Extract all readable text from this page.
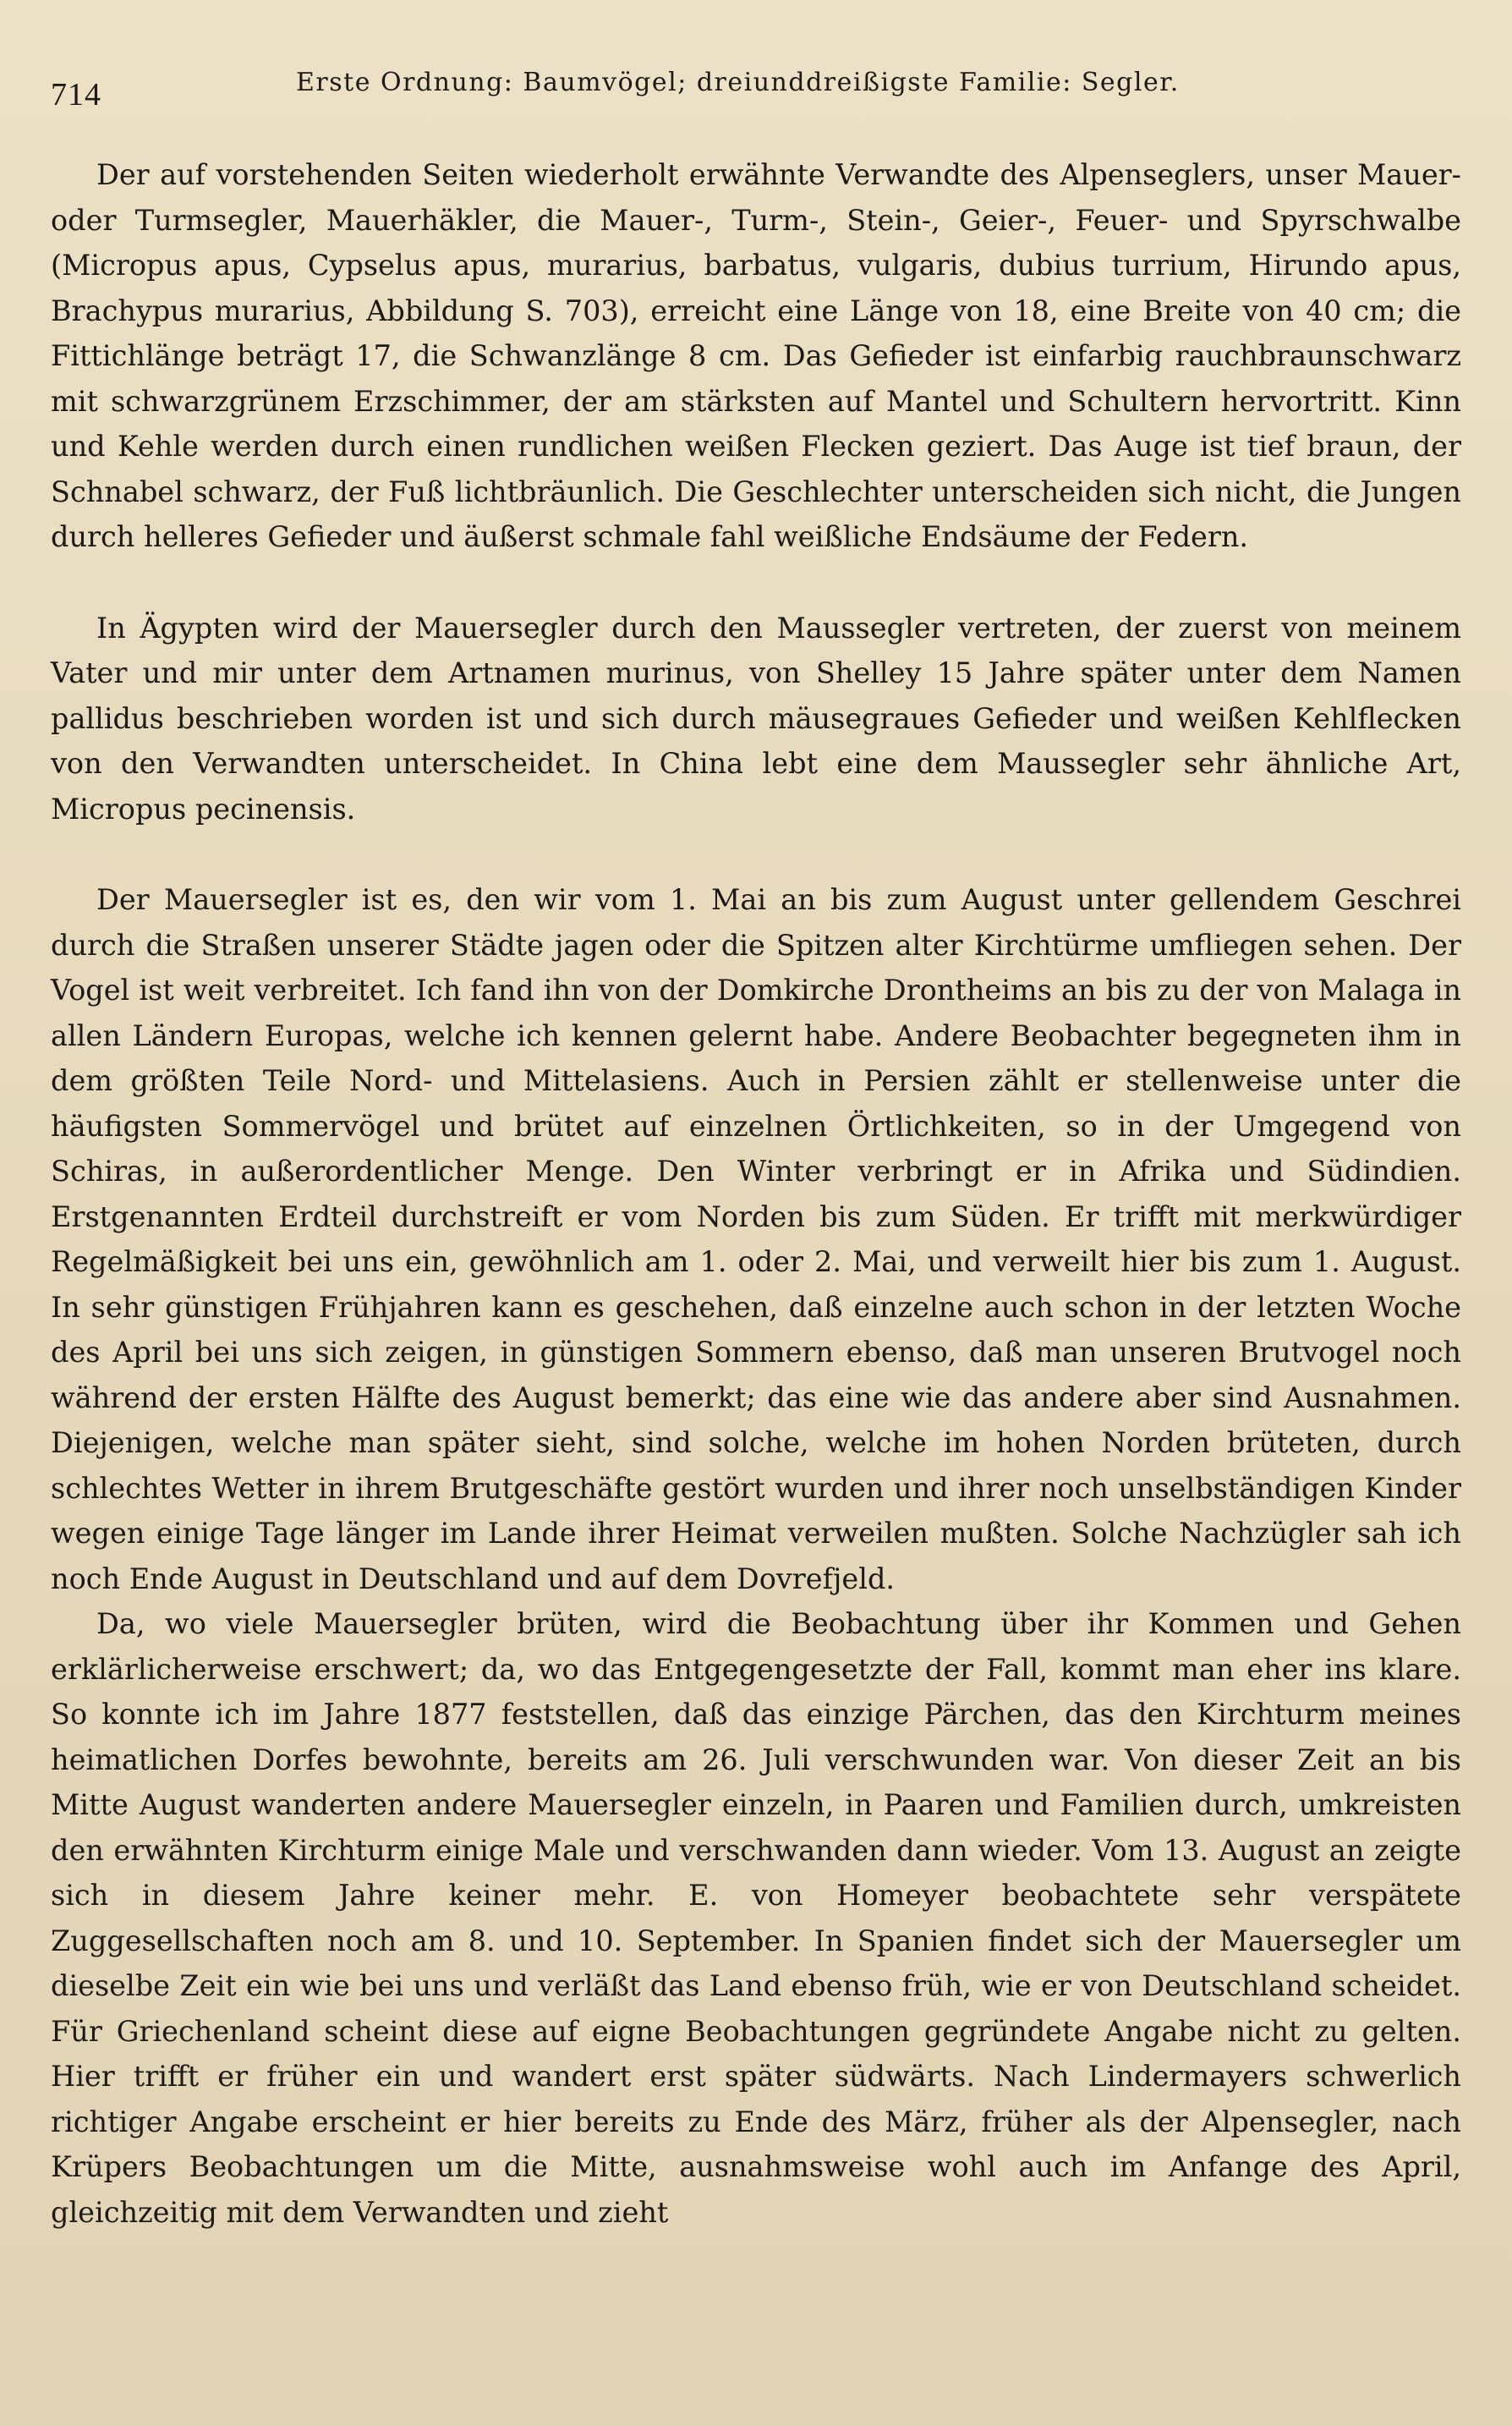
714	Erste Ordnung: Baumvögel; dreiunddreißigste Familie: Segler.

Der auf vorstehenden Seiten wiederholt erwähnte Verwandte des Alpenseglers, unser Mauer- oder Turmsegler, Mauerhäkler, die Mauer-, Turm-, Stein-, Geier-, Feuer- und Spyrschwalbe (Micropus apus, Cypselus apus, murarius, barbatus, vulgaris, dubius turrium, Hirundo apus, Brachypus murarius, Abbildung S. 703), erreicht eine Länge von 18, eine Breite von 40 cm; die Fittichlänge beträgt 17, die Schwanzlänge 8 cm. Das Gefieder ist einfarbig rauchbraunschwarz mit schwarzgrünem Erzschimmer, der am stärksten auf Mantel und Schultern hervortritt. Kinn und Kehle werden durch einen rundlichen weißen Flecken geziert. Das Auge ist tief braun, der Schnabel schwarz, der Fuß lichtbräunlich. Die Geschlechter unterscheiden sich nicht, die Jungen durch helleres Gefieder und äußerst schmale fahl weißliche Endsäume der Federn.

In Ägypten wird der Mauersegler durch den Maussegler vertreten, der zuerst von meinem Vater und mir unter dem Artnamen murinus, von Shelley 15 Jahre später unter dem Namen pallidus beschrieben worden ist und sich durch mäusegraues Gefieder und weißen Kehlflecken von den Verwandten unterscheidet. In China lebt eine dem Maussegler sehr ähnliche Art, Micropus pecinensis.

Der Mauersegler ist es, den wir vom 1. Mai an bis zum August unter gellendem Geschrei durch die Straßen unserer Städte jagen oder die Spitzen alter Kirchtürme umfliegen sehen. Der Vogel ist weit verbreitet. Ich fand ihn von der Domkirche Drontheims an bis zu der von Malaga in allen Ländern Europas, welche ich kennen gelernt habe. Andere Beobachter begegneten ihm in dem größten Teile Nord- und Mittelasiens. Auch in Persien zählt er stellenweise unter die häufigsten Sommervögel und brütet auf einzelnen Örtlichkeiten, so in der Umgegend von Schiras, in außerordentlicher Menge. Den Winter verbringt er in Afrika und Südindien. Erstgenannten Erdteil durchstreift er vom Norden bis zum Süden. Er trifft mit merkwürdiger Regelmäßigkeit bei uns ein, gewöhnlich am 1. oder 2. Mai, und verweilt hier bis zum 1. August. In sehr günstigen Frühjahren kann es geschehen, daß einzelne auch schon in der letzten Woche des April bei uns sich zeigen, in günstigen Sommern ebenso, daß man unseren Brutvogel noch während der ersten Hälfte des August bemerkt; das eine wie das andere aber sind Ausnahmen. Diejenigen, welche man später sieht, sind solche, welche im hohen Norden brüteten, durch schlechtes Wetter in ihrem Brutgeschäfte gestört wurden und ihrer noch unselbständigen Kinder wegen einige Tage länger im Lande ihrer Heimat verweilen mußten. Solche Nachzügler sah ich noch Ende August in Deutschland und auf dem Dovrefjeld.

Da, wo viele Mauersegler brüten, wird die Beobachtung über ihr Kommen und Gehen erklärlicherweise erschwert; da, wo das Entgegengesetzte der Fall, kommt man eher ins klare. So konnte ich im Jahre 1877 feststellen, daß das einzige Pärchen, das den Kirchturm meines heimatlichen Dorfes bewohnte, bereits am 26. Juli verschwunden war. Von dieser Zeit an bis Mitte August wanderten andere Mauersegler einzeln, in Paaren und Familien durch, umkreisten den erwähnten Kirchturm einige Male und verschwanden dann wieder. Vom 13. August an zeigte sich in diesem Jahre keiner mehr. E. von Homeyer beobachtete sehr verspätete Zuggesellschaften noch am 8. und 10. September. In Spanien findet sich der Mauersegler um dieselbe Zeit ein wie bei uns und verläßt das Land ebenso früh, wie er von Deutschland scheidet. Für Griechenland scheint diese auf eigne Beobachtungen gegründete Angabe nicht zu gelten. Hier trifft er früher ein und wandert erst später südwärts. Nach Lindermayers schwerlich richtiger Angabe erscheint er hier bereits zu Ende des März, früher als der Alpensegler, nach Krüpers Beobachtungen um die Mitte, ausnahmsweise wohl auch im Anfange des April, gleichzeitig mit dem Verwandten und zieht
